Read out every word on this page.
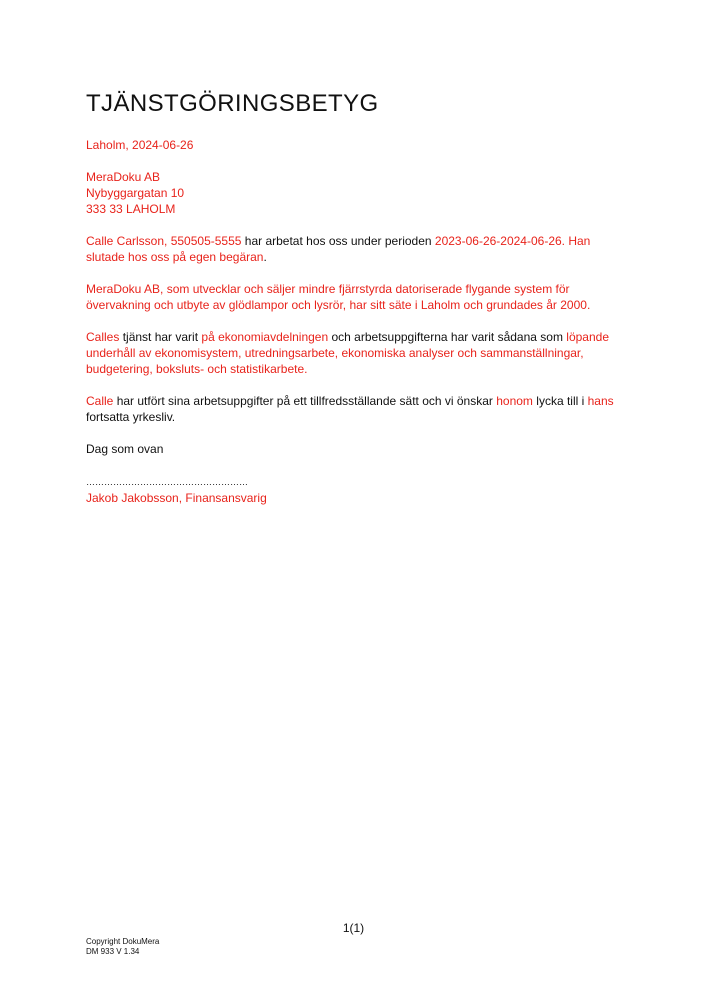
TJÄNSTGÖRINGSBETYG

Laholm, 2024-06-26

MeraDoku AB
Nybyggargatan 10
333 33 LAHOLM

Calle Carlsson, 550505-5555 har arbetat hos oss under perioden 2023-06-26-2024-06-26. Han slutade hos oss på egen begäran.

MeraDoku AB, som utvecklar och säljer mindre fjärrstyrda datoriserade flygande system för övervakning och utbyte av glödlampor och lysrör, har sitt säte i Laholm och grundades år 2000.

Calles tjänst har varit på ekonomiavdelningen och arbetsuppgifterna har varit sådana som löpande underhåll av ekonomisystem, utredningsarbete, ekonomiska analyser och sammanställningar, budgetering, boksluts- och statistikarbete.

Calle har utfört sina arbetsuppgifter på ett tillfredsställande sätt och vi önskar honom lycka till i hans fortsatta yrkesliv.

Dag som ovan

………………………………………………
Jakob Jakobsson, Finansansvarig

1(1)
Copyright DokuMera
DM 933 V 1.34
